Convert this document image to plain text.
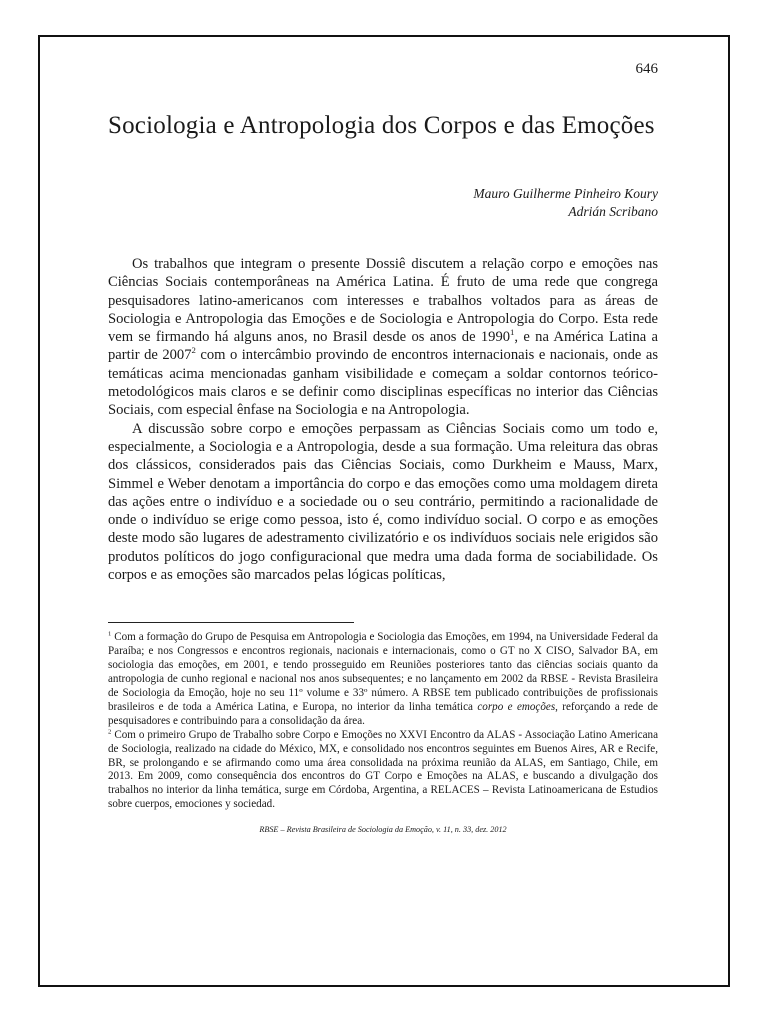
646
Sociologia e Antropologia dos Corpos e das Emoções
Mauro Guilherme Pinheiro Koury
Adrián Scribano

Os trabalhos que integram o presente Dossiê discutem a relação corpo e emoções nas Ciências Sociais contemporâneas na América Latina. É fruto de uma rede que congrega pesquisadores latino-americanos com interesses e trabalhos voltados para as áreas de Sociologia e Antropologia das Emoções e de Sociologia e Antropologia do Corpo. Esta rede vem se firmando há alguns anos, no Brasil desde os anos de 1990$^1$, e na América Latina a partir de 2007$^2$ com o intercâmbio provindo de encontros internacionais e nacionais, onde as temáticas acima mencionadas ganham visibilidade e começam a soldar contornos teórico-metodológicos mais claros e se definir como disciplinas específicas no interior das Ciências Sociais, com especial ênfase na Sociologia e na Antropologia.

A discussão sobre corpo e emoções perpassam as Ciências Sociais como um todo e, especialmente, a Sociologia e a Antropologia, desde a sua formação. Uma releitura das obras dos clássicos, considerados pais das Ciências Sociais, como Durkheim e Mauss, Marx, Simmel e Weber denotam a importância do corpo e das emoções como uma moldagem direta das ações entre o indivíduo e a sociedade ou o seu contrário, permitindo a racionalidade de onde o indivíduo se erige como pessoa, isto é, como indivíduo social. O corpo e as emoções deste modo são lugares de adestramento civilizatório e os indivíduos sociais nele erigidos são produtos políticos do jogo configuracional que medra uma dada forma de sociabilidade. Os corpos e as emoções são marcados pelas lógicas políticas,

$^1$ Com a formação do Grupo de Pesquisa em Antropologia e Sociologia das Emoções, em 1994, na Universidade Federal da Paraíba; e nos Congressos e encontros regionais, nacionais e internacionais, como o GT no X CISO, Salvador BA, em sociologia das emoções, em 2001, e tendo prosseguido em Reuniões posteriores tanto das ciências sociais quanto da antropologia de cunho regional e nacional nos anos subsequentes; e no lançamento em 2002 da RBSE - Revista Brasileira de Sociologia da Emoção, hoje no seu 11º volume e 33º número. A RBSE tem publicado contribuições de profissionais brasileiros e de toda a América Latina, e Europa, no interior da linha temática corpo e emoções, reforçando a rede de pesquisadores e contribuindo para a consolidação da área.

$^2$ Com o primeiro Grupo de Trabalho sobre Corpo e Emoções no XXVI Encontro da ALAS - Associação Latino Americana de Sociologia, realizado na cidade do México, MX, e consolidado nos encontros seguintes em Buenos Aires, AR e Recife, BR, se prolongando e se afirmando como uma área consolidada na próxima reunião da ALAS, em Santiago, Chile, em 2013. Em 2009, como consequência dos encontros do GT Corpo e Emoções na ALAS, e buscando a divulgação dos trabalhos no interior da linha temática, surge em Córdoba, Argentina, a RELACES – Revista Latinoamericana de Estudios sobre cuerpos, emociones y sociedad.

RBSE – Revista Brasileira de Sociologia da Emoção, v. 11, n. 33, dez. 2012
